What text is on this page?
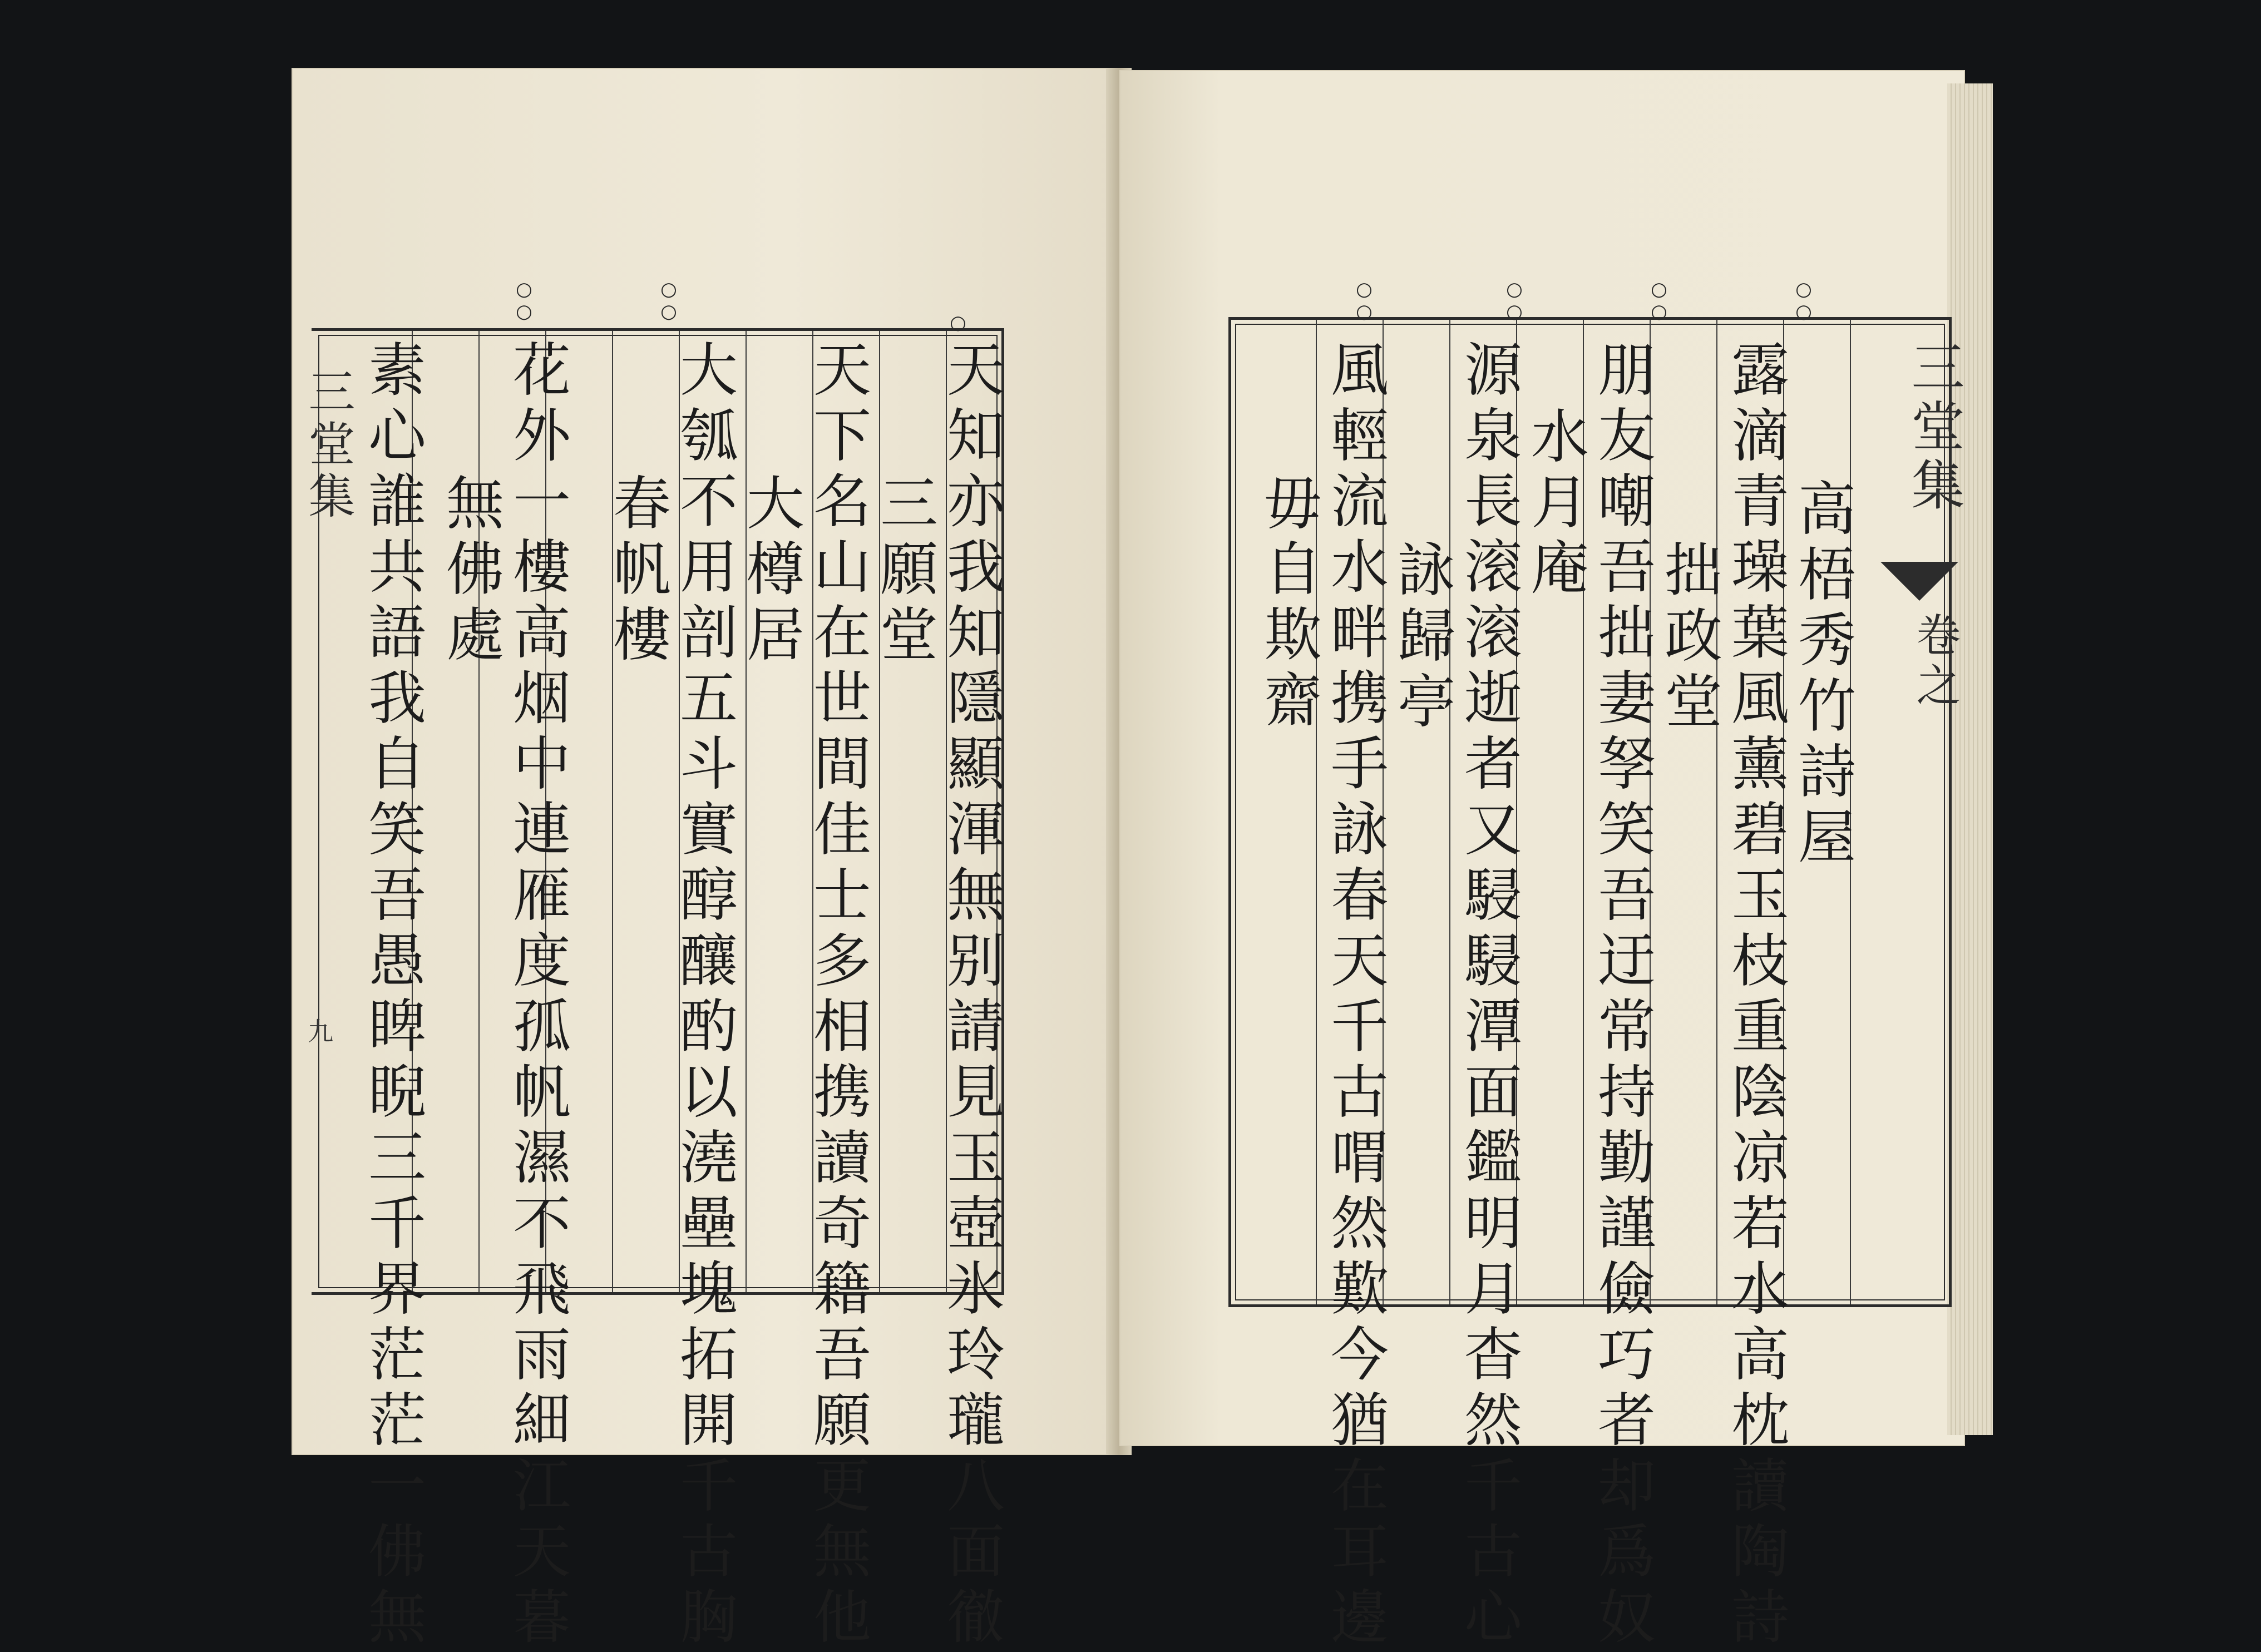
三堂集
卷之
○○
高梧秀竹詩屋
露滴青璪葉風薰碧玉枝重陰凉若水高枕讀陶詩
○○
拙政堂
朋友嘲吾拙妻孥笑吾迂常持勤謹儉巧者却爲奴
○○
水月庵
源泉長滚滚逝者又駸駸潭面鑑明月杳然千古心
○○
詠歸亭
風輕流水畔携手詠春天千古喟然歎今猶在耳邊
毋自欺齋
三堂集
九
○
天知亦我知隱顯渾無别請見玉壺氷玲瓏八面徹
三願堂
天下名山在世間佳士多相携讀奇籍吾願更無他
○○
大樽居
大瓠不用剖五斗實醇釀酌以澆壘塊拓開千古胸
○○
春帆樓
花外一樓高烟中連雁度孤帆濕不飛雨細江天暮
無佛處
素心誰共語我自笑吾愚睥睨三千界茫茫一佛無
